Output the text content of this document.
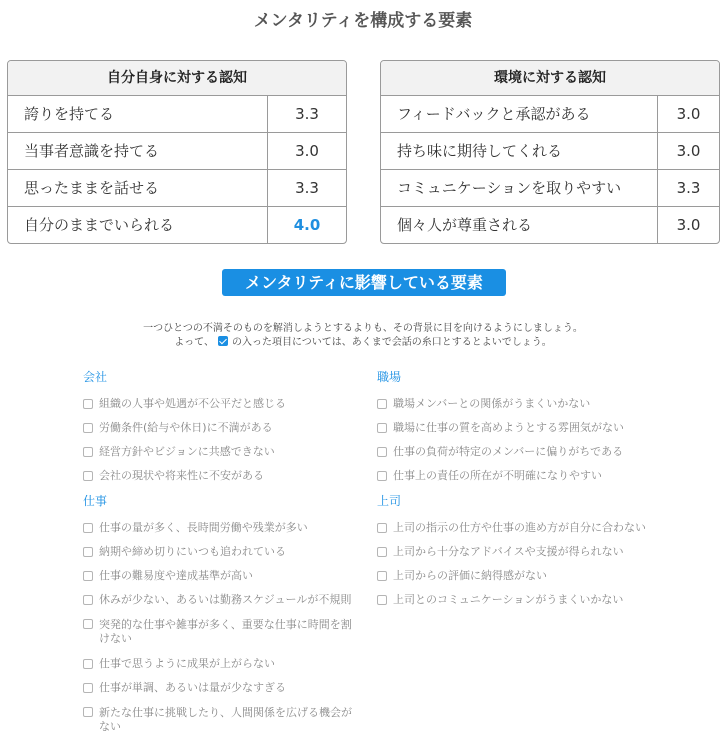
メンタリティを構成する要素
自分自身に対する認知
誇りを持てる	3.3
当事者意識を持てる	3.0
思ったままを話せる	3.3
自分のままでいられる	4.0
環境に対する認知
フィードバックと承認がある	3.0
持ち味に期待してくれる	3.0
コミュニケーションを取りやすい	3.3
個々人が尊重される	3.0
メンタリティに影響している要素
一つひとつの不満そのものを解消しようとするよりも、その背景に目を向けるようにしましょう。
よって、 の入った項目については、あくまで会話の糸口とするとよいでしょう。
会社
組織の人事や処遇が不公平だと感じる
労働条件(給与や休日)に不満がある
経営方針やビジョンに共感できない
会社の現状や将来性に不安がある
職場
職場メンバーとの関係がうまくいかない
職場に仕事の質を高めようとする雰囲気がない
仕事の負荷が特定のメンバーに偏りがちである
仕事上の責任の所在が不明確になりやすい
仕事
仕事の量が多く、長時間労働や残業が多い
納期や締め切りにいつも追われている
仕事の難易度や達成基準が高い
休みが少ない、あるいは勤務スケジュールが不規則
突発的な仕事や雑事が多く、重要な仕事に時間を割けない
仕事で思うように成果が上がらない
仕事が単調、あるいは量が少なすぎる
新たな仕事に挑戦したり、人間関係を広げる機会がない
上司
上司の指示の仕方や仕事の進め方が自分に合わない
上司から十分なアドバイスや支援が得られない
上司からの評価に納得感がない
上司とのコミュニケーションがうまくいかない
